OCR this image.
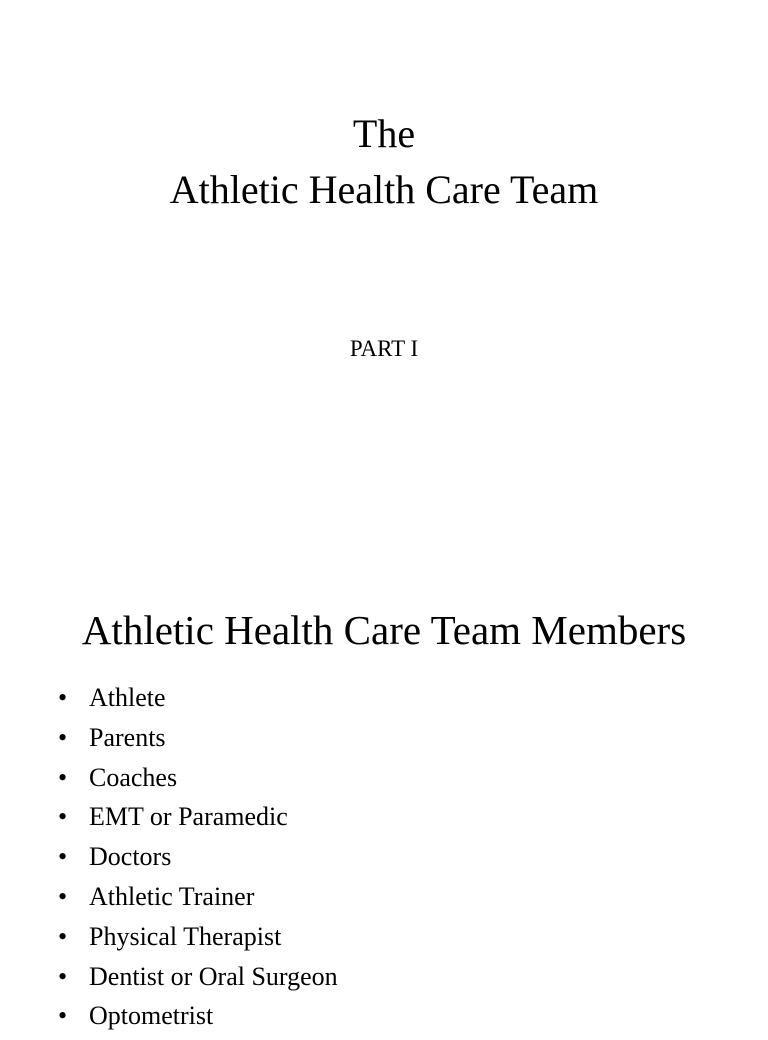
The
Athletic Health Care Team
PART I
Athletic Health Care Team Members
• Athlete
• Parents
• Coaches
• EMT or Paramedic
• Doctors
• Athletic Trainer
• Physical Therapist
• Dentist or Oral Surgeon
• Optometrist
